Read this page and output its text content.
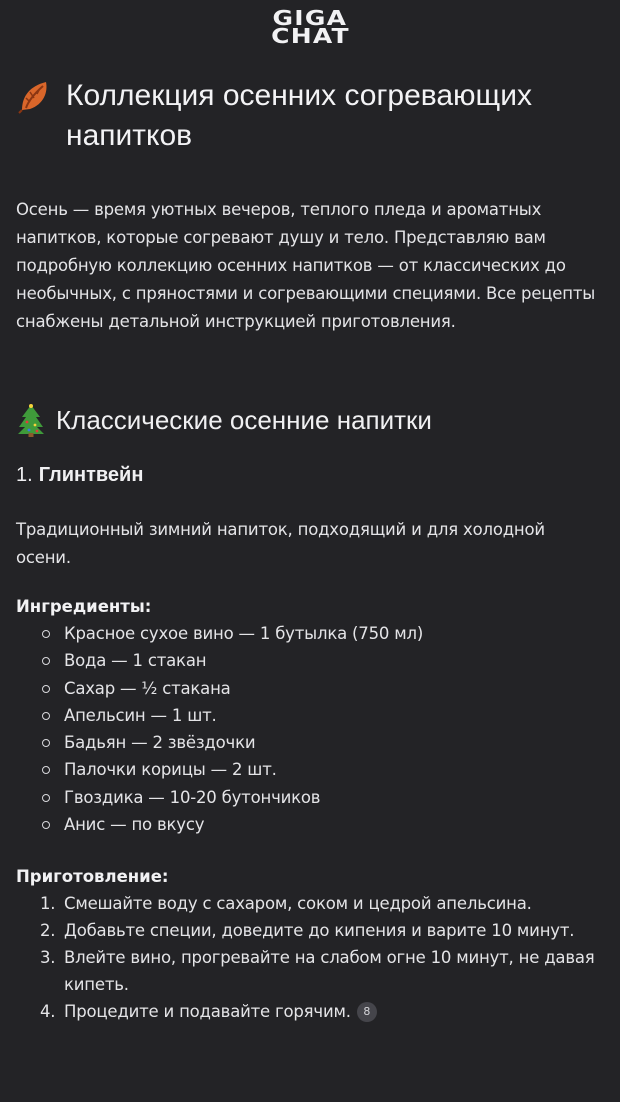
GIGA
CHAT
Коллекция осенних согревающих напитков

Осень — время уютных вечеров, теплого пледа и ароматных напитков, которые согревают душу и тело. Представляю вам подробную коллекцию осенних напитков — от классических до необычных, с пряностями и согревающими специями. Все рецепты снабжены детальной инструкцией приготовления.

Классические осенние напитки
1. Глинтвейн

Традиционный зимний напиток, подходящий и для холодной осени.

Ингредиенты:
Красное сухое вино — 1 бутылка (750 мл)
Вода — 1 стакан
Сахар — ½ стакана
Апельсин — 1 шт.
Бадьян — 2 звёздочки
Палочки корицы — 2 шт.
Гвоздика — 10-20 бутончиков
Анис — по вкусу
Приготовление:
1. Смешайте воду с сахаром, соком и цедрой апельсина.
2. Добавьте специи, доведите до кипения и варите 10 минут.
3. Влейте вино, прогревайте на слабом огне 10 минут, не давая кипеть.
4. Процедите и подавайте горячим. 8
